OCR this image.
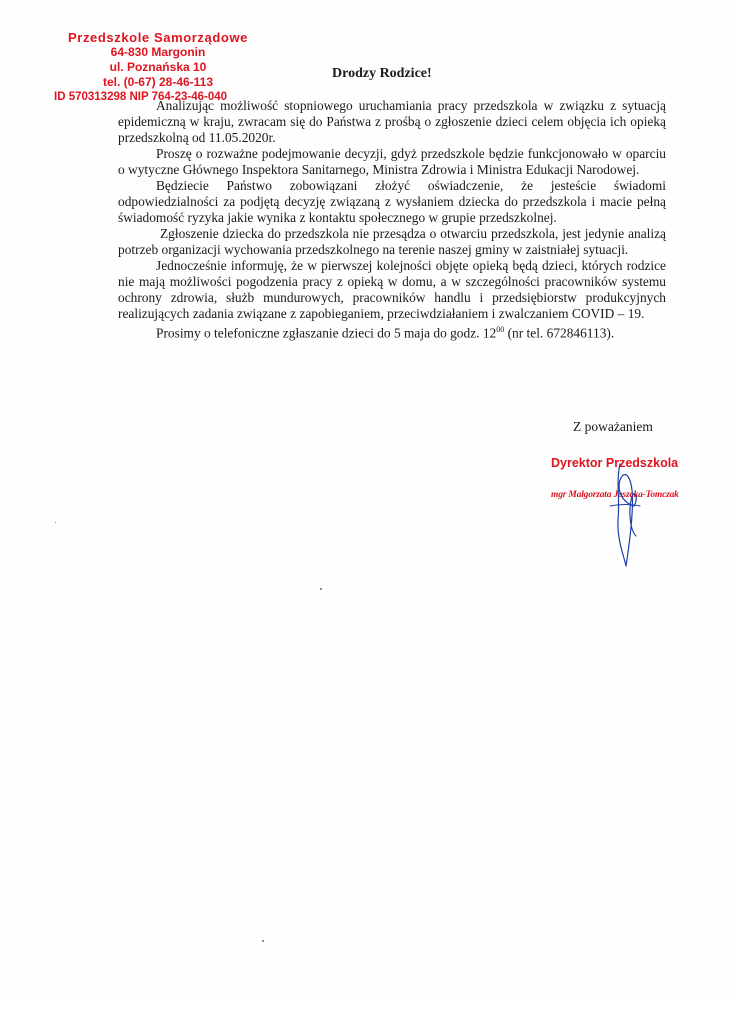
Przedszkole Samorządowe
64-830 Margonin
ul. Poznańska 10
tel. (0-67) 28-46-113
ID 570313298 NIP 764-23-46-040
Drodzy Rodzice!

Analizując możliwość stopniowego uruchamiania pracy przedszkola w związku z sytuacją epidemiczną w kraju, zwracam się do Państwa z prośbą o zgłoszenie dzieci celem objęcia ich opieką przedszkolną od 11.05.2020r.

Proszę o rozważne podejmowanie decyzji, gdyż przedszkole będzie funkcjonowało w oparciu o wytyczne Głównego Inspektora Sanitarnego, Ministra Zdrowia i Ministra Edukacji Narodowej.

Będziecie Państwo zobowiązani złożyć oświadczenie, że jesteście świadomi odpowiedzialności za podjętą decyzję związaną z wysłaniem dziecka do przedszkola i macie pełną świadomość ryzyka jakie wynika z kontaktu społecznego w grupie przedszkolnej.

Zgłoszenie dziecka do przedszkola nie przesądza o otwarciu przedszkola, jest jedynie analizą potrzeb organizacji wychowania przedszkolnego na terenie naszej gminy w zaistniałej sytuacji.

Jednocześnie informuję, że w pierwszej kolejności objęte opieką będą dzieci, których rodzice nie mają możliwości pogodzenia pracy z opieką w domu, a w szczególności pracowników systemu ochrony zdrowia, służb mundurowych, pracowników handlu i przedsiębiorstw produkcyjnych realizujących zadania związane z zapobieganiem, przeciwdziałaniem i zwalczaniem COVID – 19.

Prosimy o telefoniczne zgłaszanie dzieci do 5 maja do godz. $12^{00}$ (nr tel. 672846113).

Z poważaniem
Dyrektor Przedszkola
mgr Małgorzata Jaszcka-Tomczak
